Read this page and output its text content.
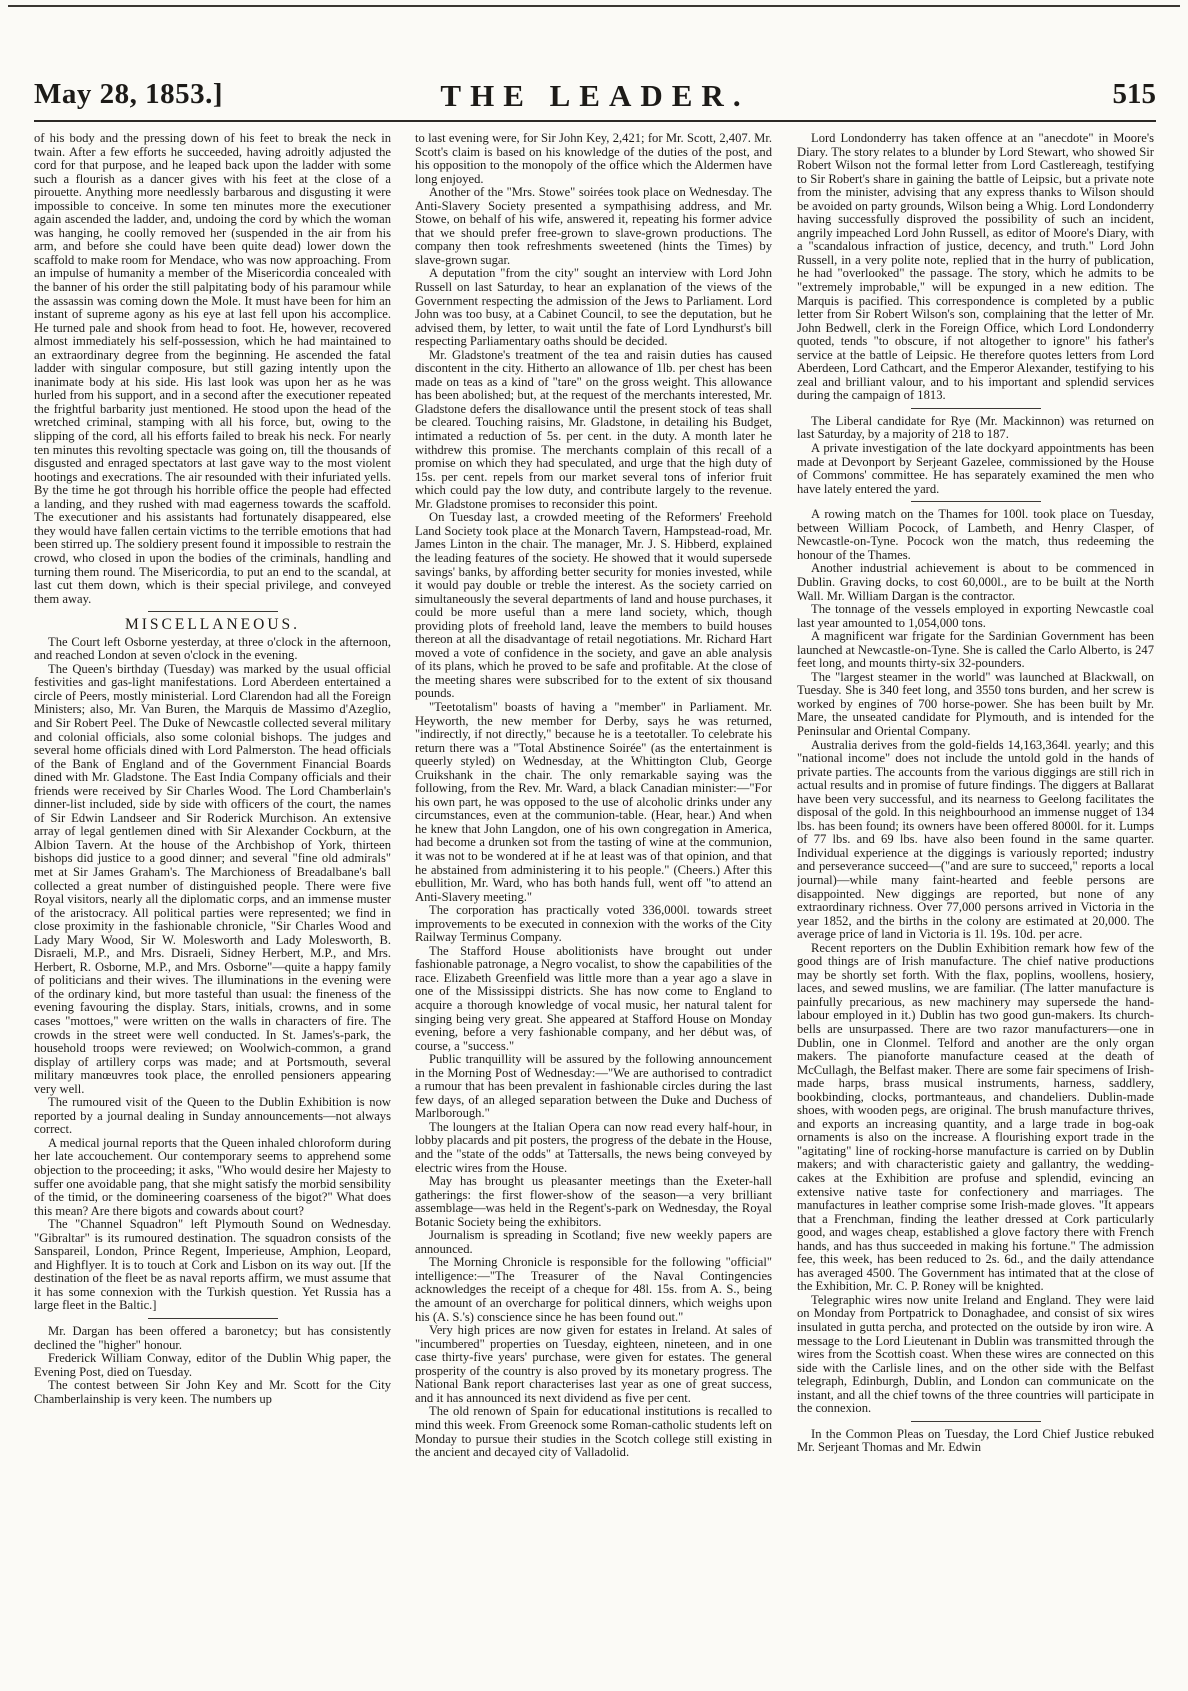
May 28, 1853.]	THE LEADER.	515

of his body and the pressing down of his feet to break the neck in twain. After a few efforts he succeeded, having adroitly adjusted the cord for that purpose, and he leaped back upon the ladder with some such a flourish as a dancer gives with his feet at the close of a pirouette. Anything more needlessly barbarous and disgusting it were impossible to conceive. In some ten minutes more the executioner again ascended the ladder, and, undoing the cord by which the woman was hanging, he coolly removed her (suspended in the air from his arm, and before she could have been quite dead) lower down the scaffold to make room for Mendace, who was now approaching. From an impulse of humanity a member of the Misericordia concealed with the banner of his order the still palpitating body of his paramour while the assassin was coming down the Mole. It must have been for him an instant of supreme agony as his eye at last fell upon his accomplice. He turned pale and shook from head to foot. He, however, recovered almost immediately his self-possession, which he had maintained to an extraordinary degree from the beginning. He ascended the fatal ladder with singular composure, but still gazing intently upon the inanimate body at his side. His last look was upon her as he was hurled from his support, and in a second after the executioner repeated the frightful barbarity just mentioned. He stood upon the head of the wretched criminal, stamping with all his force, but, owing to the slipping of the cord, all his efforts failed to break his neck. For nearly ten minutes this revolting spectacle was going on, till the thousands of disgusted and enraged spectators at last gave way to the most violent hootings and execrations. The air resounded with their infuriated yells. By the time he got through his horrible office the people had effected a landing, and they rushed with mad eagerness towards the scaffold. The executioner and his assistants had fortunately disappeared, else they would have fallen certain victims to the terrible emotions that had been stirred up. The soldiery present found it impossible to restrain the crowd, who closed in upon the bodies of the criminals, handling and turning them round. The Misericordia, to put an end to the scandal, at last cut them down, which is their special privilege, and conveyed them away.

MISCELLANEOUS.

The Court left Osborne yesterday, at three o'clock in the afternoon, and reached London at seven o'clock in the evening.

The Queen's birthday (Tuesday) was marked by the usual official festivities and gas-light manifestations. Lord Aberdeen entertained a circle of Peers, mostly ministerial. Lord Clarendon had all the Foreign Ministers; also, Mr. Van Buren, the Marquis de Massimo d'Azeglio, and Sir Robert Peel. The Duke of Newcastle collected several military and colonial officials, also some colonial bishops. The judges and several home officials dined with Lord Palmerston. The head officials of the Bank of England and of the Government Financial Boards dined with Mr. Gladstone. The East India Company officials and their friends were received by Sir Charles Wood. The Lord Chamberlain's dinner-list included, side by side with officers of the court, the names of Sir Edwin Landseer and Sir Roderick Murchison. An extensive array of legal gentlemen dined with Sir Alexander Cockburn, at the Albion Tavern. At the house of the Archbishop of York, thirteen bishops did justice to a good dinner; and several "fine old admirals" met at Sir James Graham's. The Marchioness of Breadalbane's ball collected a great number of distinguished people. There were five Royal visitors, nearly all the diplomatic corps, and an immense muster of the aristocracy. All political parties were represented; we find in close proximity in the fashionable chronicle, "Sir Charles Wood and Lady Mary Wood, Sir W. Molesworth and Lady Molesworth, B. Disraeli, M.P., and Mrs. Disraeli, Sidney Herbert, M.P., and Mrs. Herbert, R. Osborne, M.P., and Mrs. Osborne"—quite a happy family of politicians and their wives. The illuminations in the evening were of the ordinary kind, but more tasteful than usual: the fineness of the evening favouring the display. Stars, initials, crowns, and in some cases "mottoes," were written on the walls in characters of fire. The crowds in the street were well conducted. In St. James's-park, the household troops were reviewed; on Woolwich-common, a grand display of artillery corps was made; and at Portsmouth, several military manœuvres took place, the enrolled pensioners appearing very well.

The rumoured visit of the Queen to the Dublin Exhibition is now reported by a journal dealing in Sunday announcements—not always correct.

A medical journal reports that the Queen inhaled chloroform during her late accouchement. Our contemporary seems to apprehend some objection to the proceeding; it asks, "Who would desire her Majesty to suffer one avoidable pang, that she might satisfy the morbid sensibility of the timid, or the domineering coarseness of the bigot?" What does this mean? Are there bigots and cowards about court?

The "Channel Squadron" left Plymouth Sound on Wednesday. "Gibraltar" is its rumoured destination. The squadron consists of the Sanspareil, London, Prince Regent, Imperieuse, Amphion, Leopard, and Highflyer. It is to touch at Cork and Lisbon on its way out. [If the destination of the fleet be as naval reports affirm, we must assume that it has some connexion with the Turkish question. Yet Russia has a large fleet in the Baltic.]

Mr. Dargan has been offered a baronetcy; but has consistently declined the "higher" honour.

Frederick William Conway, editor of the Dublin Whig paper, the Evening Post, died on Tuesday.

The contest between Sir John Key and Mr. Scott for the City Chamberlainship is very keen. The numbers up

to last evening were, for Sir John Key, 2,421; for Mr. Scott, 2,407. Mr. Scott's claim is based on his knowledge of the duties of the post, and his opposition to the monopoly of the office which the Aldermen have long enjoyed.

Another of the "Mrs. Stowe" soirées took place on Wednesday. The Anti-Slavery Society presented a sympathising address, and Mr. Stowe, on behalf of his wife, answered it, repeating his former advice that we should prefer free-grown to slave-grown productions. The company then took refreshments sweetened (hints the Times) by slave-grown sugar.

A deputation "from the city" sought an interview with Lord John Russell on last Saturday, to hear an explanation of the views of the Government respecting the admission of the Jews to Parliament. Lord John was too busy, at a Cabinet Council, to see the deputation, but he advised them, by letter, to wait until the fate of Lord Lyndhurst's bill respecting Parliamentary oaths should be decided.

Mr. Gladstone's treatment of the tea and raisin duties has caused discontent in the city. Hitherto an allowance of 1lb. per chest has been made on teas as a kind of "tare" on the gross weight. This allowance has been abolished; but, at the request of the merchants interested, Mr. Gladstone defers the disallowance until the present stock of teas shall be cleared. Touching raisins, Mr. Gladstone, in detailing his Budget, intimated a reduction of 5s. per cent. in the duty. A month later he withdrew this promise. The merchants complain of this recall of a promise on which they had speculated, and urge that the high duty of 15s. per cent. repels from our market several tons of inferior fruit which could pay the low duty, and contribute largely to the revenue. Mr. Gladstone promises to reconsider this point.

On Tuesday last, a crowded meeting of the Reformers' Freehold Land Society took place at the Monarch Tavern, Hampstead-road, Mr. James Linton in the chair. The manager, Mr. J. S. Hibberd, explained the leading features of the society. He showed that it would supersede savings' banks, by affording better security for monies invested, while it would pay double or treble the interest. As the society carried on simultaneously the several departments of land and house purchases, it could be more useful than a mere land society, which, though providing plots of freehold land, leave the members to build houses thereon at all the disadvantage of retail negotiations. Mr. Richard Hart moved a vote of confidence in the society, and gave an able analysis of its plans, which he proved to be safe and profitable. At the close of the meeting shares were subscribed for to the extent of six thousand pounds.

"Teetotalism" boasts of having a "member" in Parliament. Mr. Heyworth, the new member for Derby, says he was returned, "indirectly, if not directly," because he is a teetotaller. To celebrate his return there was a "Total Abstinence Soirée" (as the entertainment is queerly styled) on Wednesday, at the Whittington Club, George Cruikshank in the chair. The only remarkable saying was the following, from the Rev. Mr. Ward, a black Canadian minister:—"For his own part, he was opposed to the use of alcoholic drinks under any circumstances, even at the communion-table. (Hear, hear.) And when he knew that John Langdon, one of his own congregation in America, had become a drunken sot from the tasting of wine at the communion, it was not to be wondered at if he at least was of that opinion, and that he abstained from administering it to his people." (Cheers.) After this ebullition, Mr. Ward, who has both hands full, went off "to attend an Anti-Slavery meeting."

The corporation has practically voted 336,000l. towards street improvements to be executed in connexion with the works of the City Railway Terminus Company.

The Stafford House abolitionists have brought out under fashionable patronage, a Negro vocalist, to show the capabilities of the race. Elizabeth Greenfield was little more than a year ago a slave in one of the Mississippi districts. She has now come to England to acquire a thorough knowledge of vocal music, her natural talent for singing being very great. She appeared at Stafford House on Monday evening, before a very fashionable company, and her début was, of course, a "success."

Public tranquillity will be assured by the following announcement in the Morning Post of Wednesday:—"We are authorised to contradict a rumour that has been prevalent in fashionable circles during the last few days, of an alleged separation between the Duke and Duchess of Marlborough."

The loungers at the Italian Opera can now read every half-hour, in lobby placards and pit posters, the progress of the debate in the House, and the "state of the odds" at Tattersalls, the news being conveyed by electric wires from the House.

May has brought us pleasanter meetings than the Exeter-hall gatherings: the first flower-show of the season—a very brilliant assemblage—was held in the Regent's-park on Wednesday, the Royal Botanic Society being the exhibitors.

Journalism is spreading in Scotland; five new weekly papers are announced.

The Morning Chronicle is responsible for the following "official" intelligence:—"The Treasurer of the Naval Contingencies acknowledges the receipt of a cheque for 48l. 15s. from A. S., being the amount of an overcharge for political dinners, which weighs upon his (A. S.'s) conscience since he has been found out."

Very high prices are now given for estates in Ireland. At sales of "incumbered" properties on Tuesday, eighteen, nineteen, and in one case thirty-five years' purchase, were given for estates. The general prosperity of the country is also proved by its monetary progress. The National Bank report characterises last year as one of great success, and it has announced its next dividend as five per cent.

The old renown of Spain for educational institutions is recalled to mind this week. From Greenock some Roman-catholic students left on Monday to pursue their studies in the Scotch college still existing in the ancient and decayed city of Valladolid.

Lord Londonderry has taken offence at an "anecdote" in Moore's Diary. The story relates to a blunder by Lord Stewart, who showed Sir Robert Wilson not the formal letter from Lord Castlereagh, testifying to Sir Robert's share in gaining the battle of Leipsic, but a private note from the minister, advising that any express thanks to Wilson should be avoided on party grounds, Wilson being a Whig. Lord Londonderry having successfully disproved the possibility of such an incident, angrily impeached Lord John Russell, as editor of Moore's Diary, with a "scandalous infraction of justice, decency, and truth." Lord John Russell, in a very polite note, replied that in the hurry of publication, he had "overlooked" the passage. The story, which he admits to be "extremely improbable," will be expunged in a new edition. The Marquis is pacified. This correspondence is completed by a public letter from Sir Robert Wilson's son, complaining that the letter of Mr. John Bedwell, clerk in the Foreign Office, which Lord Londonderry quoted, tends "to obscure, if not altogether to ignore" his father's service at the battle of Leipsic. He therefore quotes letters from Lord Aberdeen, Lord Cathcart, and the Emperor Alexander, testifying to his zeal and brilliant valour, and to his important and splendid services during the campaign of 1813.

The Liberal candidate for Rye (Mr. Mackinnon) was returned on last Saturday, by a majority of 218 to 187.

A private investigation of the late dockyard appointments has been made at Devonport by Serjeant Gazelee, commissioned by the House of Commons' committee. He has separately examined the men who have lately entered the yard.

A rowing match on the Thames for 100l. took place on Tuesday, between William Pocock, of Lambeth, and Henry Clasper, of Newcastle-on-Tyne. Pocock won the match, thus redeeming the honour of the Thames.

Another industrial achievement is about to be commenced in Dublin. Graving docks, to cost 60,000l., are to be built at the North Wall. Mr. William Dargan is the contractor.

The tonnage of the vessels employed in exporting Newcastle coal last year amounted to 1,054,000 tons.

A magnificent war frigate for the Sardinian Government has been launched at Newcastle-on-Tyne. She is called the Carlo Alberto, is 247 feet long, and mounts thirty-six 32-pounders.

The "largest steamer in the world" was launched at Blackwall, on Tuesday. She is 340 feet long, and 3550 tons burden, and her screw is worked by engines of 700 horse-power. She has been built by Mr. Mare, the unseated candidate for Plymouth, and is intended for the Peninsular and Oriental Company.

Australia derives from the gold-fields 14,163,364l. yearly; and this "national income" does not include the untold gold in the hands of private parties. The accounts from the various diggings are still rich in actual results and in promise of future findings. The diggers at Ballarat have been very successful, and its nearness to Geelong facilitates the disposal of the gold. In this neighbourhood an immense nugget of 134 lbs. has been found; its owners have been offered 8000l. for it. Lumps of 77 lbs. and 69 lbs. have also been found in the same quarter. Individual experience at the diggings is variously reported; industry and perseverance succeed—("and are sure to succeed," reports a local journal)—while many faint-hearted and feeble persons are disappointed. New diggings are reported, but none of any extraordinary richness. Over 77,000 persons arrived in Victoria in the year 1852, and the births in the colony are estimated at 20,000. The average price of land in Victoria is 1l. 19s. 10d. per acre.

Recent reporters on the Dublin Exhibition remark how few of the good things are of Irish manufacture. The chief native productions may be shortly set forth. With the flax, poplins, woollens, hosiery, laces, and sewed muslins, we are familiar. (The latter manufacture is painfully precarious, as new machinery may supersede the hand-labour employed in it.) Dublin has two good gun-makers. Its church-bells are unsurpassed. There are two razor manufacturers—one in Dublin, one in Clonmel. Telford and another are the only organ makers. The pianoforte manufacture ceased at the death of McCullagh, the Belfast maker. There are some fair specimens of Irish-made harps, brass musical instruments, harness, saddlery, bookbinding, clocks, portmanteaus, and chandeliers. Dublin-made shoes, with wooden pegs, are original. The brush manufacture thrives, and exports an increasing quantity, and a large trade in bog-oak ornaments is also on the increase. A flourishing export trade in the "agitating" line of rocking-horse manufacture is carried on by Dublin makers; and with characteristic gaiety and gallantry, the wedding-cakes at the Exhibition are profuse and splendid, evincing an extensive native taste for confectionery and marriages. The manufactures in leather comprise some Irish-made gloves. "It appears that a Frenchman, finding the leather dressed at Cork particularly good, and wages cheap, established a glove factory there with French hands, and has thus succeeded in making his fortune." The admission fee, this week, has been reduced to 2s. 6d., and the daily attendance has averaged 4500. The Government has intimated that at the close of the Exhibition, Mr. C. P. Roney will be knighted.

Telegraphic wires now unite Ireland and England. They were laid on Monday from Portpatrick to Donaghadee, and consist of six wires insulated in gutta percha, and protected on the outside by iron wire. A message to the Lord Lieutenant in Dublin was transmitted through the wires from the Scottish coast. When these wires are connected on this side with the Carlisle lines, and on the other side with the Belfast telegraph, Edinburgh, Dublin, and London can communicate on the instant, and all the chief towns of the three countries will participate in the connexion.

In the Common Pleas on Tuesday, the Lord Chief Justice rebuked Mr. Serjeant Thomas and Mr. Edwin
